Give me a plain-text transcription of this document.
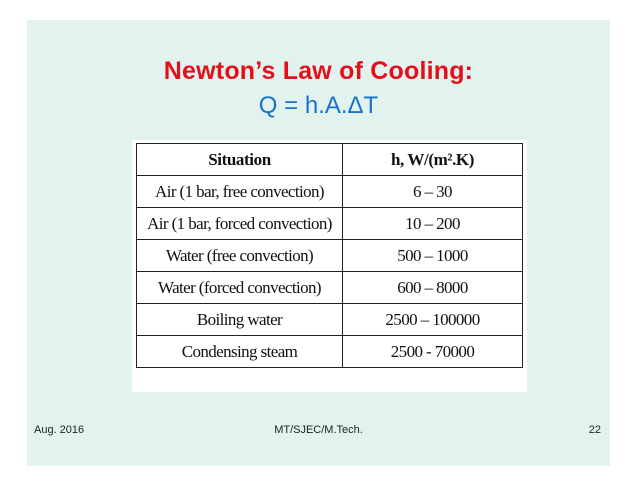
Newton’s Law of Cooling:
Q = h.A.ΔT
Situation	h, W/(m².K)
Air (1 bar, free convection)	6 – 30
Air (1 bar, forced convection)	10 – 200
Water (free convection)	500 – 1000
Water (forced convection)	600 – 8000
Boiling water	2500 – 100000
Condensing steam	2500 - 70000
Aug. 2016	MT/SJEC/M.Tech.	22
